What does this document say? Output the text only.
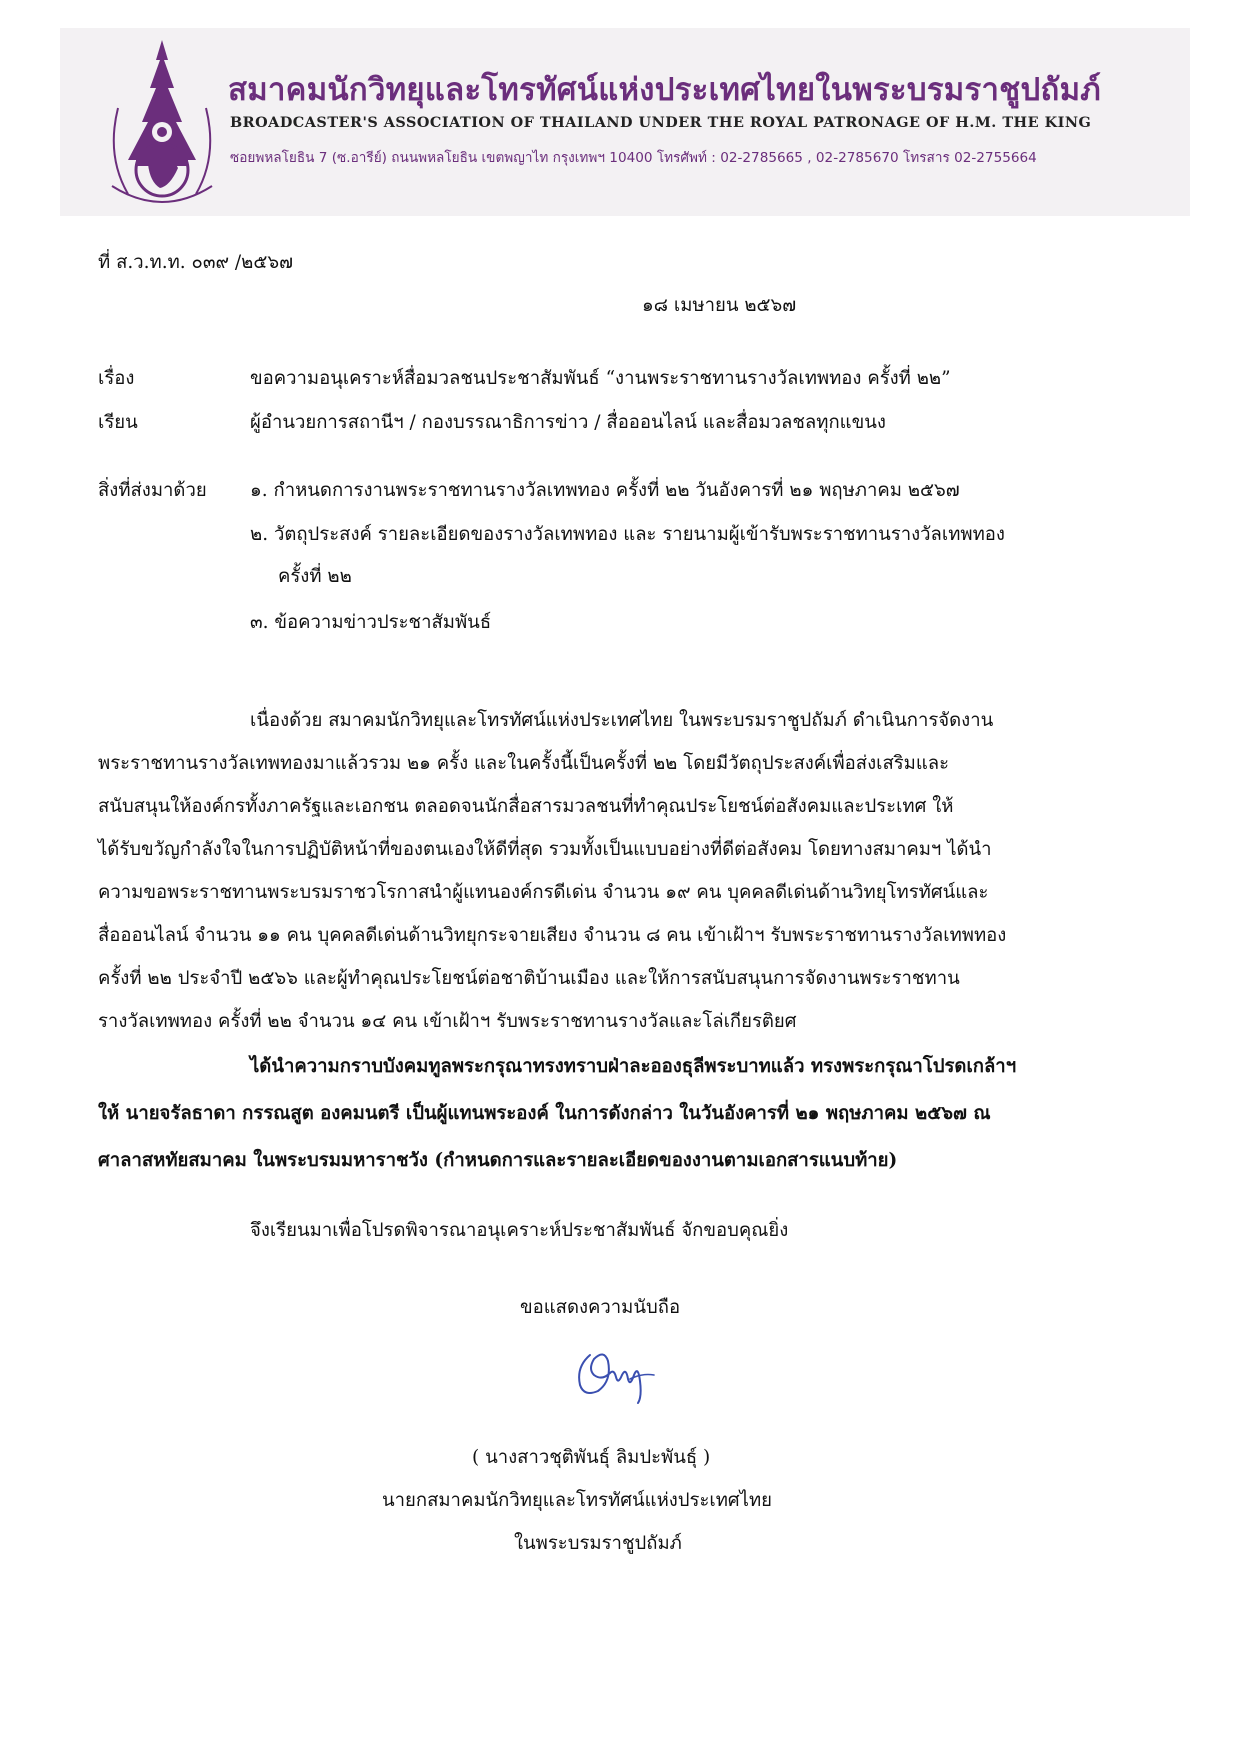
สมาคมนักวิทยุและโทรทัศน์แห่งประเทศไทยในพระบรมราชูปถัมภ์
BROADCASTER'S ASSOCIATION OF THAILAND UNDER THE ROYAL PATRONAGE OF H.M. THE KING
ซอยพหลโยธิน 7 (ซ.อารีย์) ถนนพหลโยธิน เขตพญาไท กรุงเทพฯ 10400 โทรศัพท์ : 02-2785665 , 02-2785670 โทรสาร 02-2755664
ที่ ส.ว.ท.ท. ๐๓๙ /๒๕๖๗
๑๘ เมษายน ๒๕๖๗
เรื่อง	ขอความอนุเคราะห์สื่อมวลชนประชาสัมพันธ์ “งานพระราชทานรางวัลเทพทอง ครั้งที่ ๒๒”
เรียน	ผู้อำนวยการสถานีฯ / กองบรรณาธิการข่าว / สื่อออนไลน์ และสื่อมวลชลทุกแขนง
สิ่งที่ส่งมาด้วย ๑. กำหนดการงานพระราชทานรางวัลเทพทอง ครั้งที่ ๒๒ วันอังคารที่ ๒๑ พฤษภาคม ๒๕๖๗
๒. วัตถุประสงค์ รายละเอียดของรางวัลเทพทอง และ รายนามผู้เข้ารับพระราชทานรางวัลเทพทอง
ครั้งที่ ๒๒
๓. ข้อความข่าวประชาสัมพันธ์
เนื่องด้วย สมาคมนักวิทยุและโทรทัศน์แห่งประเทศไทย ในพระบรมราชูปถัมภ์ ดำเนินการจัดงาน
พระราชทานรางวัลเทพทองมาแล้วรวม ๒๑ ครั้ง และในครั้งนี้เป็นครั้งที่ ๒๒ โดยมีวัตถุประสงค์เพื่อส่งเสริมและ
สนับสนุนให้องค์กรทั้งภาครัฐและเอกชน ตลอดจนนักสื่อสารมวลชนที่ทำคุณประโยชน์ต่อสังคมและประเทศ ให้
ได้รับขวัญกำลังใจในการปฏิบัติหน้าที่ของตนเองให้ดีที่สุด รวมทั้งเป็นแบบอย่างที่ดีต่อสังคม โดยทางสมาคมฯ ได้นำ
ความขอพระราชทานพระบรมราชวโรกาสนำผู้แทนองค์กรดีเด่น จำนวน ๑๙ คน บุคคลดีเด่นด้านวิทยุโทรทัศน์และ
สื่อออนไลน์ จำนวน ๑๑ คน บุคคลดีเด่นด้านวิทยุกระจายเสียง จำนวน ๘ คน เข้าเฝ้าฯ รับพระราชทานรางวัลเทพทอง
ครั้งที่ ๒๒ ประจำปี ๒๕๖๖ และผู้ทำคุณประโยชน์ต่อชาติบ้านเมือง และให้การสนับสนุนการจัดงานพระราชทาน
รางวัลเทพทอง ครั้งที่ ๒๒ จำนวน ๑๔ คน เข้าเฝ้าฯ รับพระราชทานรางวัลและโล่เกียรติยศ
ได้นำความกราบบังคมทูลพระกรุณาทรงทราบฝ่าละอองธุลีพระบาทแล้ว ทรงพระกรุณาโปรดเกล้าฯ
ให้ นายจรัลธาดา กรรณสูต องคมนตรี เป็นผู้แทนพระองค์ ในการดังกล่าว ในวันอังคารที่ ๒๑ พฤษภาคม ๒๕๖๗ ณ
ศาลาสหทัยสมาคม ในพระบรมมหาราชวัง (กำหนดการและรายละเอียดของงานตามเอกสารแนบท้าย)
จึงเรียนมาเพื่อโปรดพิจารณาอนุเคราะห์ประชาสัมพันธ์ จักขอบคุณยิ่ง
ขอแสดงความนับถือ
( นางสาวชุติพันธุ์ ลิมปะพันธุ์ )
นายกสมาคมนักวิทยุและโทรทัศน์แห่งประเทศไทย
ในพระบรมราชูปถัมภ์
